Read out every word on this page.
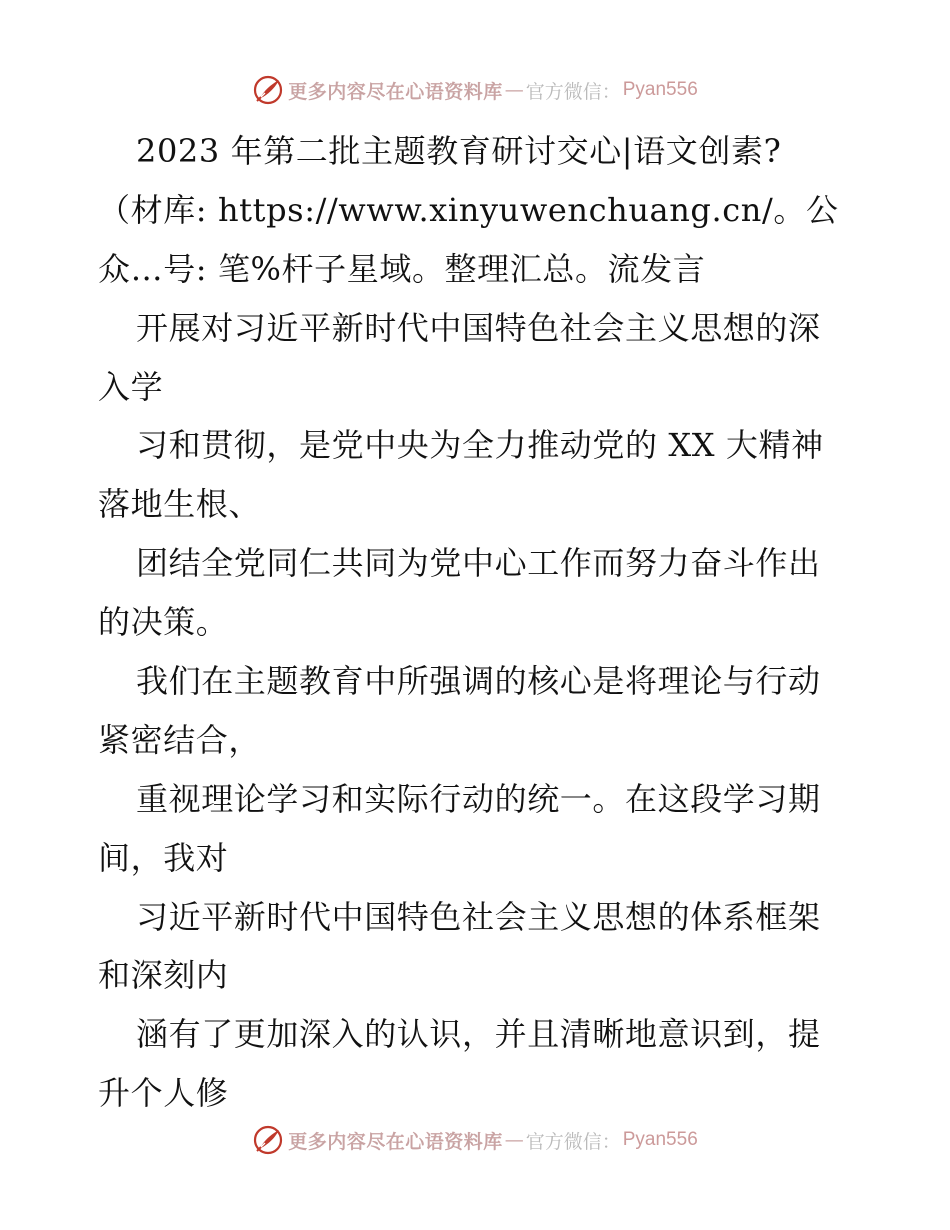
更多内容尽在心语资料库 — 官方微信： Pyan556
2023 年第二批主题教育研讨交心|语文创素?
（材库: https://www.xinyuwenchuang.cn/。公
众…号: 笔%杆子星域。整理汇总。流发言
开展对习近平新时代中国特色社会主义思想的深
入学
习和贯彻，是党中央为全力推动党的 XX 大精神
落地生根、
团结全党同仁共同为党中心工作而努力奋斗作出
的决策。
我们在主题教育中所强调的核心是将理论与行动
紧密结合，
重视理论学习和实际行动的统一。在这段学习期
间，我对
习近平新时代中国特色社会主义思想的体系框架
和深刻内
涵有了更加深入的认识，并且清晰地意识到，提
升个人修
更多内容尽在心语资料库 — 官方微信： Pyan556
